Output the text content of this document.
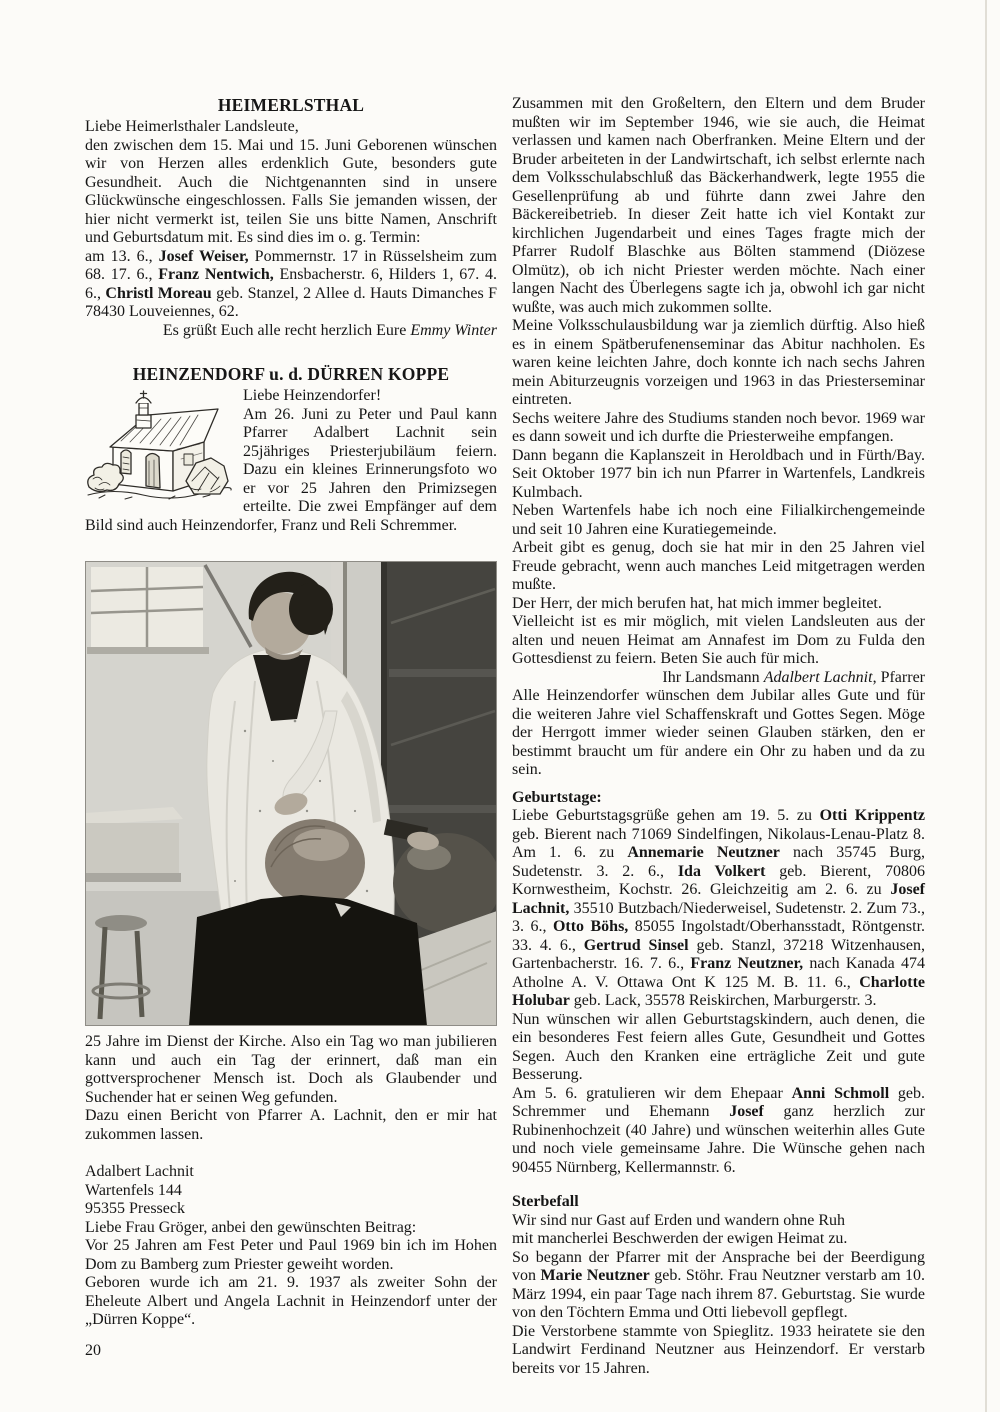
HEIMERLSTHAL

Liebe Heimerlsthaler Landsleute,

den zwischen dem 15. Mai und 15. Juni Geborenen wünschen wir von Herzen alles erdenklich Gute, besonders gute Gesundheit. Auch die Nichtgenannten sind in unsere Glückwünsche eingeschlossen. Falls Sie jemanden wissen, der hier nicht vermerkt ist, teilen Sie uns bitte Namen, Anschrift und Geburtsdatum mit. Es sind dies im o. g. Termin:

am 13. 6., Josef Weiser, Pommernstr. 17 in Rüsselsheim zum 68. 17. 6., Franz Nentwich, Ensbacherstr. 6, Hilders 1, 67. 4. 6., Christl Moreau geb. Stanzel, 2 Allee d. Hauts Dimanches F 78430 Louveiennes, 62.

Es grüßt Euch alle recht herzlich Eure Emmy Winter

HEINZENDORF u. d. DÜRREN KOPPE

Liebe Heinzendorfer!

Am 26. Juni zu Peter und Paul kann Pfarrer Adalbert Lachnit sein 25jähriges Priesterjubiläum feiern. Dazu ein kleines Erinnerungsfoto wo er vor 25 Jahren den Primizsegen erteilte. Die zwei Empfänger auf dem Bild sind auch Heinzendorfer, Franz und Reli Schremmer.

25 Jahre im Dienst der Kirche. Also ein Tag wo man jubilieren kann und auch ein Tag der erinnert, daß man ein gottversprochener Mensch ist. Doch als Glaubender und Suchender hat er seinen Weg gefunden.

Dazu einen Bericht von Pfarrer A. Lachnit, den er mir hat zukommen lassen.

Adalbert Lachnit

Wartenfels 144

95355 Presseck

Liebe Frau Gröger, anbei den gewünschten Beitrag:

Vor 25 Jahren am Fest Peter und Paul 1969 bin ich im Hohen Dom zu Bamberg zum Priester geweiht worden.

Geboren wurde ich am 21. 9. 1937 als zweiter Sohn der Eheleute Albert und Angela Lachnit in Heinzendorf unter der „Dürren Koppe“.

Zusammen mit den Großeltern, den Eltern und dem Bruder mußten wir im September 1946, wie sie auch, die Heimat verlassen und kamen nach Oberfranken. Meine Eltern und der Bruder arbeiteten in der Landwirtschaft, ich selbst erlernte nach dem Volksschulabschluß das Bäckerhandwerk, legte 1955 die Gesellenprüfung ab und führte dann zwei Jahre den Bäckereibetrieb. In dieser Zeit hatte ich viel Kontakt zur kirchlichen Jugendarbeit und eines Tages fragte mich der Pfarrer Rudolf Blaschke aus Bölten stammend (Diözese Olmütz), ob ich nicht Priester werden möchte. Nach einer langen Nacht des Überlegens sagte ich ja, obwohl ich gar nicht wußte, was auch mich zukommen sollte.

Meine Volksschulausbildung war ja ziemlich dürftig. Also hieß es in einem Spätberufenenseminar das Abitur nachholen. Es waren keine leichten Jahre, doch konnte ich nach sechs Jahren mein Abiturzeugnis vorzeigen und 1963 in das Priesterseminar eintreten.

Sechs weitere Jahre des Studiums standen noch bevor. 1969 war es dann soweit und ich durfte die Priesterweihe empfangen.

Dann begann die Kaplanszeit in Heroldbach und in Fürth/Bay. Seit Oktober 1977 bin ich nun Pfarrer in Wartenfels, Landkreis Kulmbach.

Neben Wartenfels habe ich noch eine Filialkirchengemeinde und seit 10 Jahren eine Kuratiegemeinde.

Arbeit gibt es genug, doch sie hat mir in den 25 Jahren viel Freude gebracht, wenn auch manches Leid mitgetragen werden mußte.

Der Herr, der mich berufen hat, hat mich immer begleitet.

Vielleicht ist es mir möglich, mit vielen Landsleuten aus der alten und neuen Heimat am Annafest im Dom zu Fulda den Gottesdienst zu feiern. Beten Sie auch für mich.

Ihr Landsmann Adalbert Lachnit, Pfarrer

Alle Heinzendorfer wünschen dem Jubilar alles Gute und für die weiteren Jahre viel Schaffenskraft und Gottes Segen. Möge der Herrgott immer wieder seinen Glauben stärken, den er bestimmt braucht um für andere ein Ohr zu haben und da zu sein.

Geburtstage:

Liebe Geburtstagsgrüße gehen am 19. 5. zu Otti Krippentz geb. Bierent nach 71069 Sindelfingen, Nikolaus-Lenau-Platz 8. Am 1. 6. zu Annemarie Neutzner nach 35745 Burg, Sudetenstr. 3. 2. 6., Ida Volkert geb. Bierent, 70806 Kornwestheim, Kochstr. 26. Gleichzeitig am 2. 6. zu Josef Lachnit, 35510 Butzbach/Niederweisel, Sudetenstr. 2. Zum 73., 3. 6., Otto Böhs, 85055 Ingolstadt/Oberhansstadt, Röntgenstr. 33. 4. 6., Gertrud Sinsel geb. Stanzl, 37218 Witzenhausen, Gartenbacherstr. 16. 7. 6., Franz Neutzner, nach Kanada 474 Atholne A. V. Ottawa Ont K 125 M. B. 11. 6., Charlotte Holubar geb. Lack, 35578 Reiskirchen, Marburgerstr. 3.

Nun wünschen wir allen Geburtstagskindern, auch denen, die ein besonderes Fest feiern alles Gute, Gesundheit und Gottes Segen. Auch den Kranken eine erträgliche Zeit und gute Besserung.

Am 5. 6. gratulieren wir dem Ehepaar Anni Schmoll geb. Schremmer und Ehemann Josef ganz herzlich zur Rubinenhochzeit (40 Jahre) und wünschen weiterhin alles Gute und noch viele gemeinsame Jahre. Die Wünsche gehen nach 90455 Nürnberg, Kellermannstr. 6.

Sterbefall

Wir sind nur Gast auf Erden und wandern ohne Ruh

mit mancherlei Beschwerden der ewigen Heimat zu.

So begann der Pfarrer mit der Ansprache bei der Beerdigung von Marie Neutzner geb. Stöhr. Frau Neutzner verstarb am 10. März 1994, ein paar Tage nach ihrem 87. Geburtstag. Sie wurde von den Töchtern Emma und Otti liebevoll gepflegt.

Die Verstorbene stammte von Spieglitz. 1933 heiratete sie den Landwirt Ferdinand Neutzner aus Heinzendorf. Er verstarb bereits vor 15 Jahren.

20
